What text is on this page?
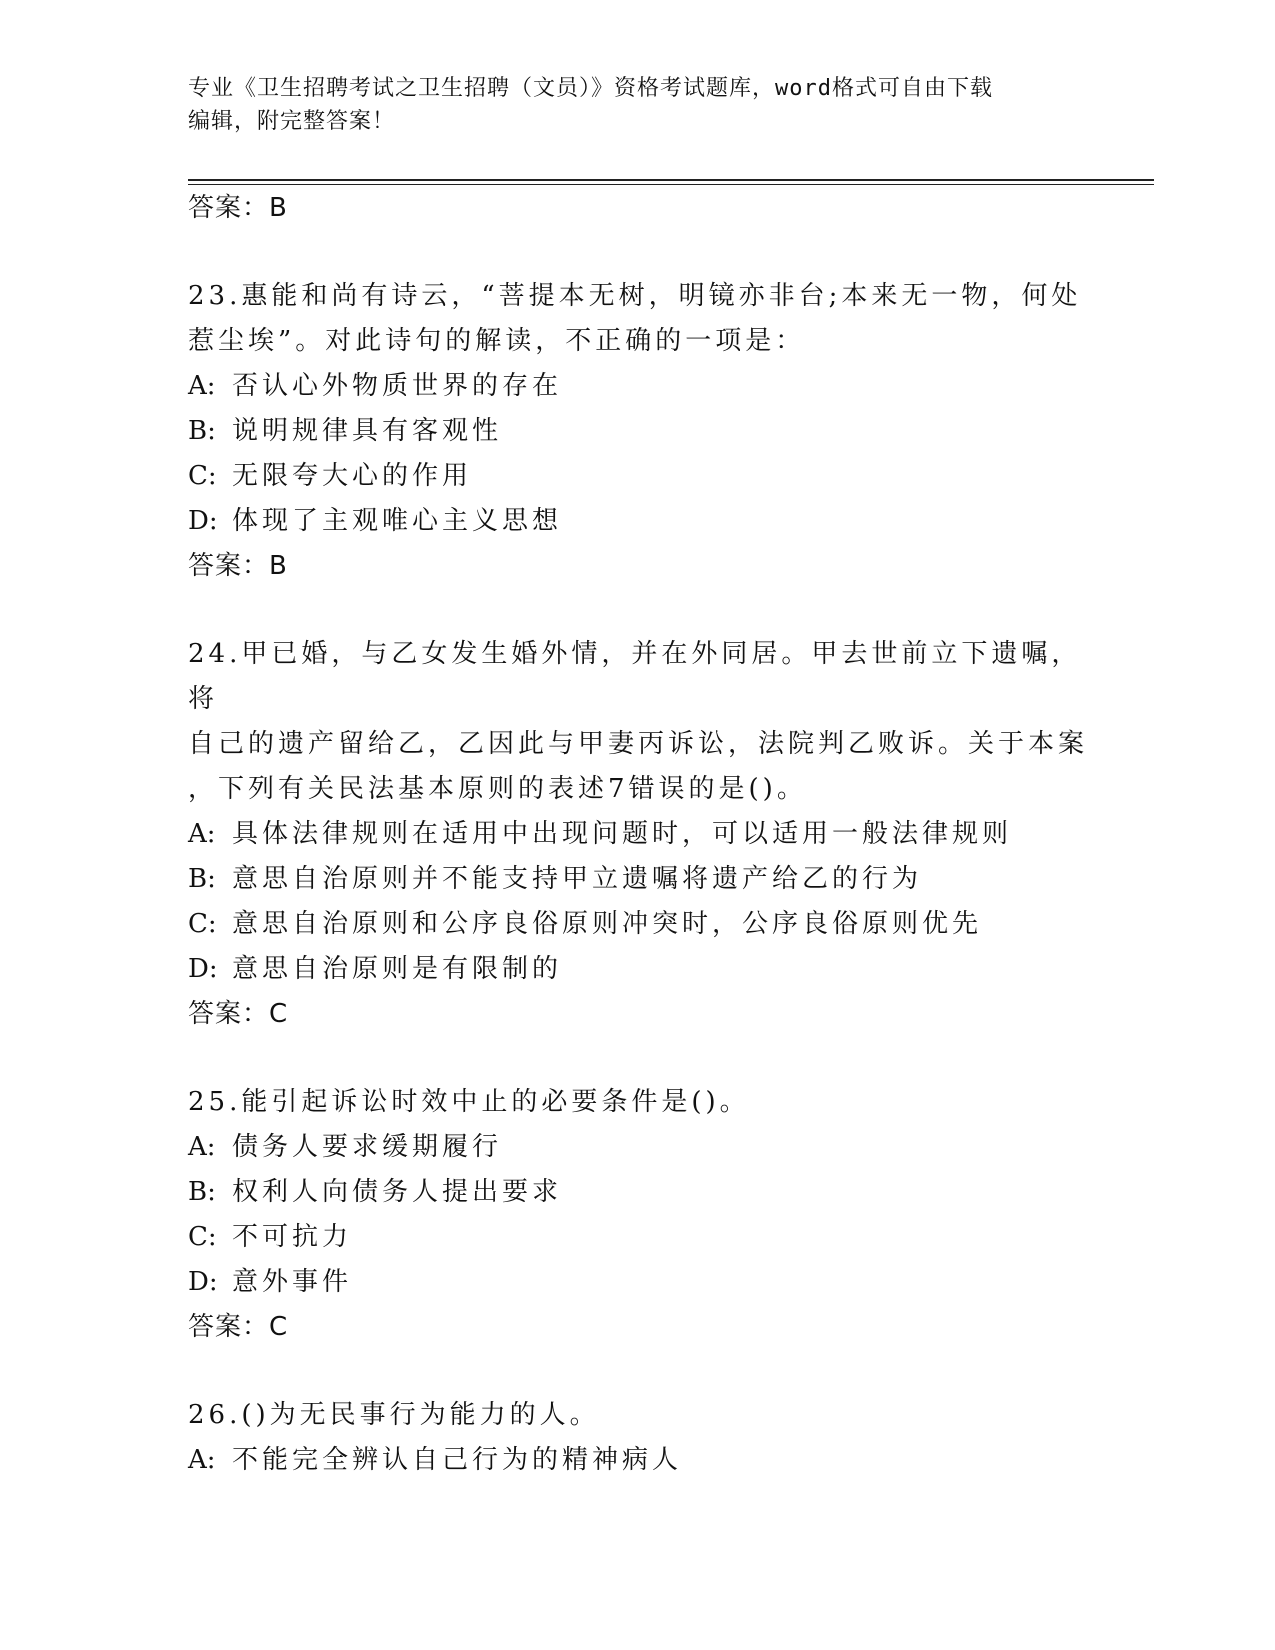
专业《卫生招聘考试之卫生招聘（文员）》资格考试题库，word格式可自由下载
编辑，附完整答案！

答案：B

23.惠能和尚有诗云，“菩提本无树，明镜亦非台;本来无一物，何处

惹尘埃”。对此诗句的解读，不正确的一项是：

A: 否认心外物质世界的存在

B: 说明规律具有客观性

C: 无限夸大心的作用

D: 体现了主观唯心主义思想

答案：B

24.甲已婚，与乙女发生婚外情，并在外同居。甲去世前立下遗嘱，将

自己的遗产留给乙，乙因此与甲妻丙诉讼，法院判乙败诉。关于本案

，下列有关民法基本原则的表述7错误的是()。

A: 具体法律规则在适用中出现问题时，可以适用一般法律规则

B: 意思自治原则并不能支持甲立遗嘱将遗产给乙的行为

C: 意思自治原则和公序良俗原则冲突时，公序良俗原则优先

D: 意思自治原则是有限制的

答案：C

25.能引起诉讼时效中止的必要条件是()。

A: 债务人要求缓期履行

B: 权利人向债务人提出要求

C: 不可抗力

D: 意外事件

答案：C

26.()为无民事行为能力的人。

A: 不能完全辨认自己行为的精神病人
